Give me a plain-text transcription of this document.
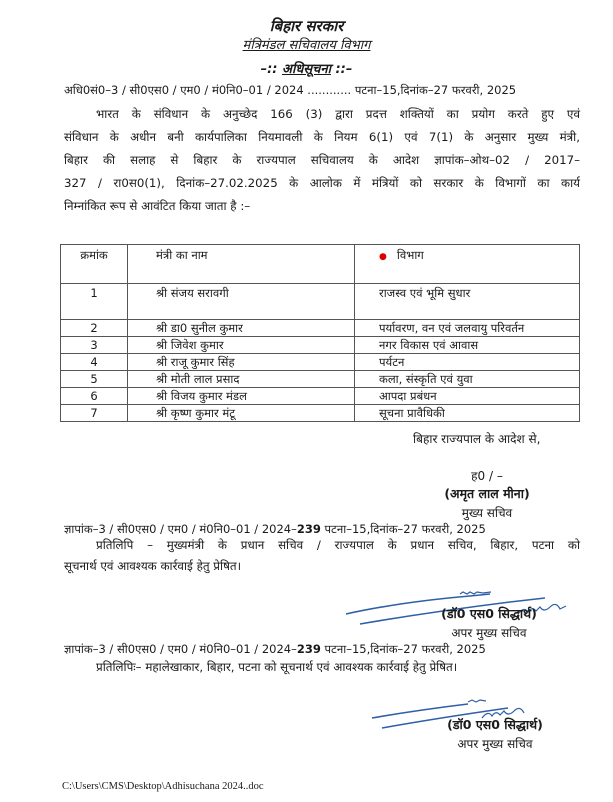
बिहार सरकार
मंत्रिमंडल सचिवालय विभाग
–:: अधिसूचना ::–
अधि0सं0–3 / सी0एस0 / एम0 / मं0नि0–01 / 2024 ............ पटना–15,दिनांक–27 फरवरी, 2025
भारत के संविधान के अनुच्छेद 166 (3) द्वारा प्रदत्त शक्तियों का प्रयोग करते हुए एवं
संविधान के अधीन बनी कार्यपालिका नियमावली के नियम 6(1) एवं 7(1) के अनुसार मुख्य मंत्री,
बिहार की सलाह से बिहार के राज्यपाल सचिवालय के आदेश ज्ञापांक–ओथ–02 / 2017–
327 / रा0स0(1), दिनांक–27.02.2025 के आलोक में मंत्रियों को सरकार के विभागों का कार्य
निम्नांकित रूप से आवंटित किया जाता है :–
क्रमांक	मंत्री का नाम	● विभाग
1	श्री संजय सरावगी	राजस्व एवं भूमि सुधार
2	श्री डा0 सुनील कुमार	पर्यावरण, वन एवं जलवायु परिवर्तन
3	श्री जिवेश कुमार	नगर विकास एवं आवास
4	श्री राजू कुमार सिंह	पर्यटन
5	श्री मोती लाल प्रसाद	कला, संस्कृति एवं युवा
6	श्री विजय कुमार मंडल	आपदा प्रबंधन
7	श्री कृष्ण कुमार मंटू	सूचना प्रावैधिकी
बिहार राज्यपाल के आदेश से,
ह0 / –
(अमृत लाल मीना)
मुख्य सचिव
ज्ञापांक–3 / सी0एस0 / एम0 / मं0नि0–01 / 2024–239 पटना–15,दिनांक–27 फरवरी, 2025
प्रतिलिपि – मुख्यमंत्री के प्रधान सचिव / राज्यपाल के प्रधान सचिव, बिहार, पटना को
सूचनार्थ एवं आवश्यक कार्रवाई हेतु प्रेषित।
(डॉ0 एस0 सिद्धार्थ)
अपर मुख्य सचिव
ज्ञापांक–3 / सी0एस0 / एम0 / मं0नि0–01 / 2024–239 पटना–15,दिनांक–27 फरवरी, 2025
प्रतिलिपिः– महालेखाकार, बिहार, पटना को सूचनार्थ एवं आवश्यक कार्रवाई हेतु प्रेषित।
(डॉ0 एस0 सिद्धार्थ)
अपर मुख्य सचिव
C:\Users\CMS\Desktop\Adhisuchana 2024..doc
